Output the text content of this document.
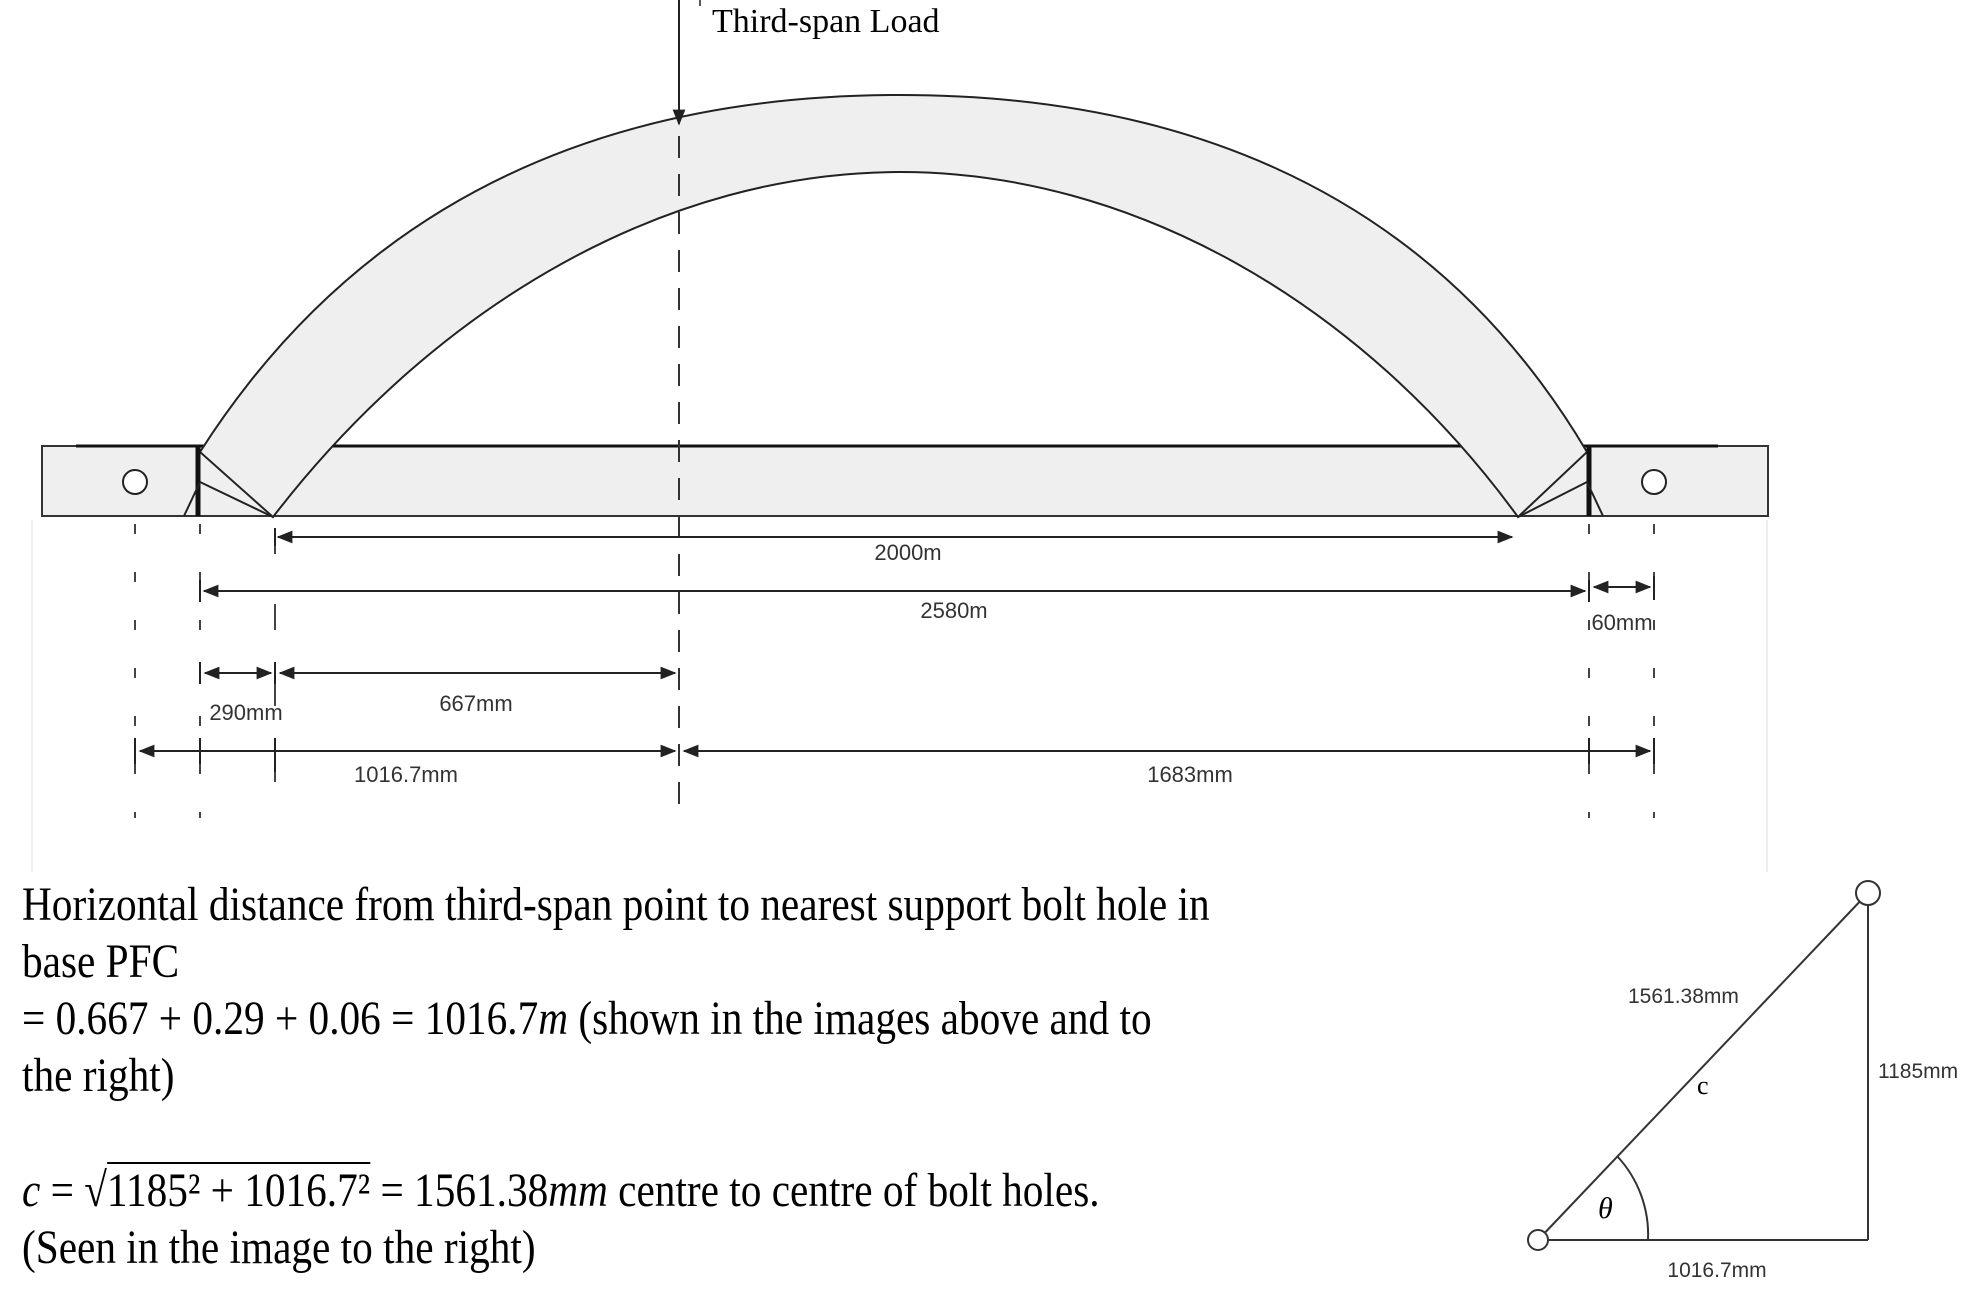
Third-span Load
2000m
2580m	60mm
290mm	667mm
1016.7mm	1683mm
θ
c
1561.38mm
1185mm
1016.7mm
Horizontal distance from third-span point to nearest support bolt hole in
base PFC
= 0.667 + 0.29 + 0.06 = 1016.7m (shown in the images above and to
the right)
c = √1185² + 1016.7² = 1561.38mm centre to centre of bolt holes.
(Seen in the image to the right)
